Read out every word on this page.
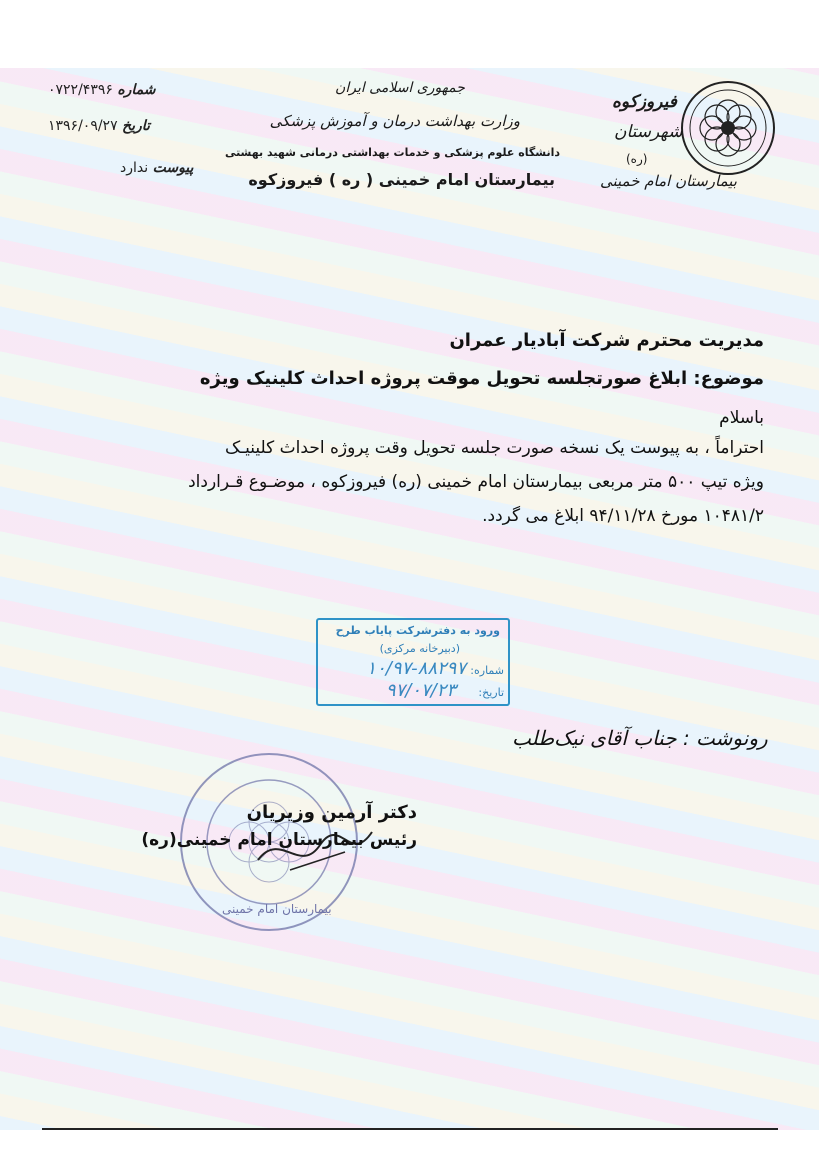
شماره ۰۷۲۲/۴۳۹۶
تاریخ ۱۳۹۶/۰۹/۲۷
پیوست ندارد
جمهوری اسلامی ایران
وزارت بهداشت درمان و آموزش پزشکی
دانشگاه علوم پزشکی و خدمات بهداشتی درمانی شهید بهشتی
بیمارستان امام خمینی ( ره ) فیروزکوه
فیروزکوه
شهرستان
(ره)
بیمارستان امام خمینی
مدیریت محترم شرکت آبادیار عمران
موضوع: ابلاغ صورتجلسه تحویل موقت پروژه احداث کلینیک ویژه
باسلام
احتراماً ، به پیوست یک نسخه صورت جلسه تحویل وقت پروژه احداث کلینیـک
ویژه تیپ ۵۰۰ متر مربعی بیمارستان امام خمینی (ره) فیروزکوه ، موضـوع قـرارداد
۱۰۴۸۱/۲ مورخ ۹۴/۱۱/۲۸ ابلاغ می گردد.
ورود به دفترشرکت پایاب طرح
(دبیرخانه مرکزی)
شماره:
۱۰/۹۷-۸۸۲۹۷
تاریخ:
۹۷/۰۷/۲۳
رونوشت : جناب آقای نیک‌طلب
بیمارستان امام خمینی
دکتر آرمین وزیریان
رئیس بیمارستان امام خمینی(ره)
